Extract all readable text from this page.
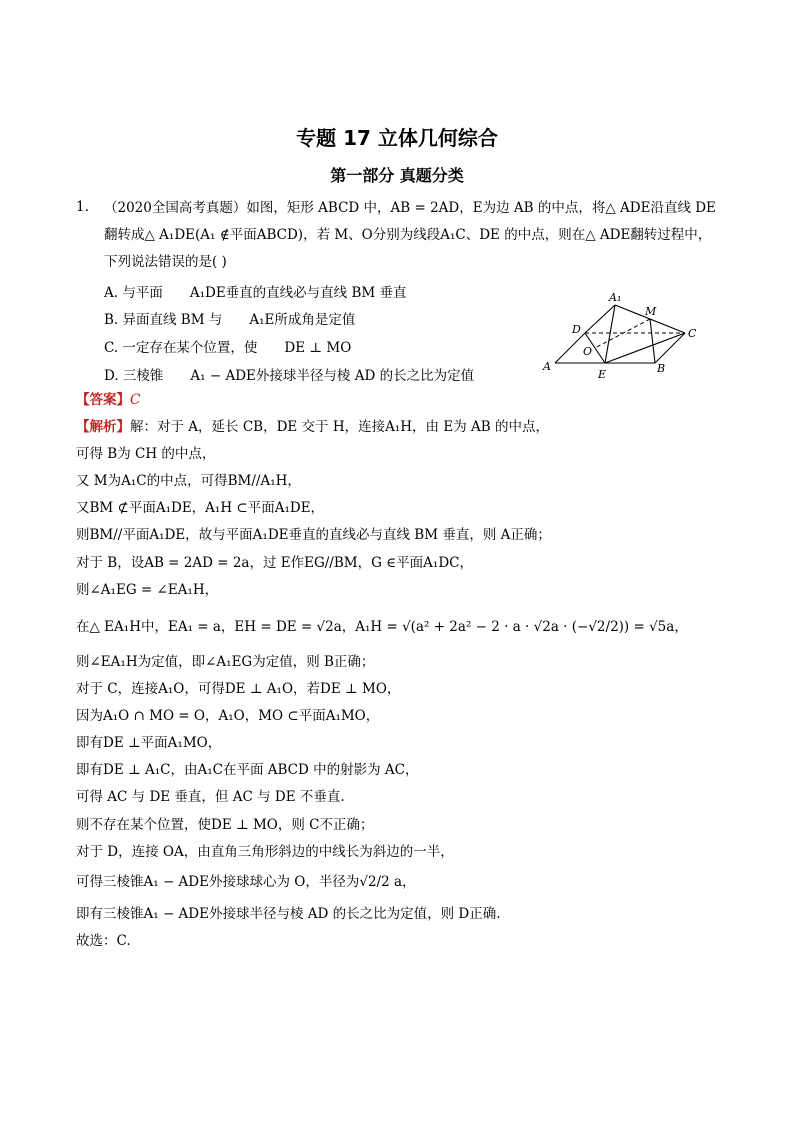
专题 17 立体几何综合
第一部分 真题分类
1. （2020全国高考真题）如图，矩形 ABCD 中，AB = 2AD，E为边 AB 的中点，将△ ADE沿直线 DE
翻转成△ A₁DE(A₁ ∉平面ABCD)，若 M、O分别为线段A₁C、DE 的中点，则在△ ADE翻转过程中，
下列说法错误的是( )
A. 与平面　　A₁DE垂直的直线必与直线 BM 垂直
B. 异面直线 BM 与　　A₁E所成角是定值
C. 一定存在某个位置，使　　DE ⊥ MO
D. 三棱锥　　A₁ − ADE外接球半径与棱 AD 的长之比为定值
A₁
M
D	C
O
A
E	B
【答案】C
【解析】解：对于 A，延长 CB，DE 交于 H，连接A₁H，由 E为 AB 的中点，
可得 B为 CH 的中点，
又 M为A₁C的中点，可得BM//A₁H，
又BM ⊄平面A₁DE，A₁H ⊂平面A₁DE，
则BM//平面A₁DE，故与平面A₁DE垂直的直线必与直线 BM 垂直，则 A正确；
对于 B，设AB = 2AD = 2a，过 E作EG//BM，G ∈平面A₁DC，
则∠A₁EG = ∠EA₁H，
在△ EA₁H中，EA₁ = a，EH = DE = √2a，A₁H = √(a² + 2a² − 2 · a · √2a · (−√2/2)) = √5a，
则∠EA₁H为定值，即∠A₁EG为定值，则 B正确；
对于 C，连接A₁O，可得DE ⊥ A₁O，若DE ⊥ MO，
因为A₁O ∩ MO = O，A₁O，MO ⊂平面A₁MO，
即有DE ⊥平面A₁MO，
即有DE ⊥ A₁C，由A₁C在平面 ABCD 中的射影为 AC，
可得 AC 与 DE 垂直，但 AC 与 DE 不垂直.
则不存在某个位置，使DE ⊥ MO，则 C不正确；
对于 D，连接 OA，由直角三角形斜边的中线长为斜边的一半，
可得三棱锥A₁ − ADE外接球球心为 O，半径为√2/2 a，
即有三棱锥A₁ − ADE外接球半径与棱 AD 的长之比为定值，则 D正确.
故选：C.
